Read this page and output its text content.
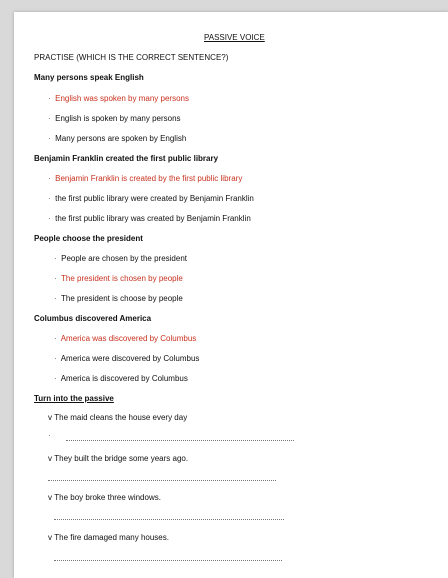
PASSIVE VOICE
PRACTISE (WHICH IS THE CORRECT SENTENCE?)
Many persons speak English
· English was spoken by many persons
· English is spoken by many persons
· Many persons are spoken by English
Benjamin Franklin created the first public library
· Benjamin Franklin is created by the first public library
· the first public library were created by Benjamin Franklin
· the first public library was created by Benjamin Franklin
People choose the president
· People are chosen by the president
· The president is chosen by people
· The president is choose by people
Columbus discovered America
· America was discovered by Columbus
· America were discovered by Columbus
· America is discovered by Columbus
Turn into the passive
v The maid cleans the house every day
·
v They built the bridge some years ago.
v The boy broke three windows.
v The fire damaged many houses.
